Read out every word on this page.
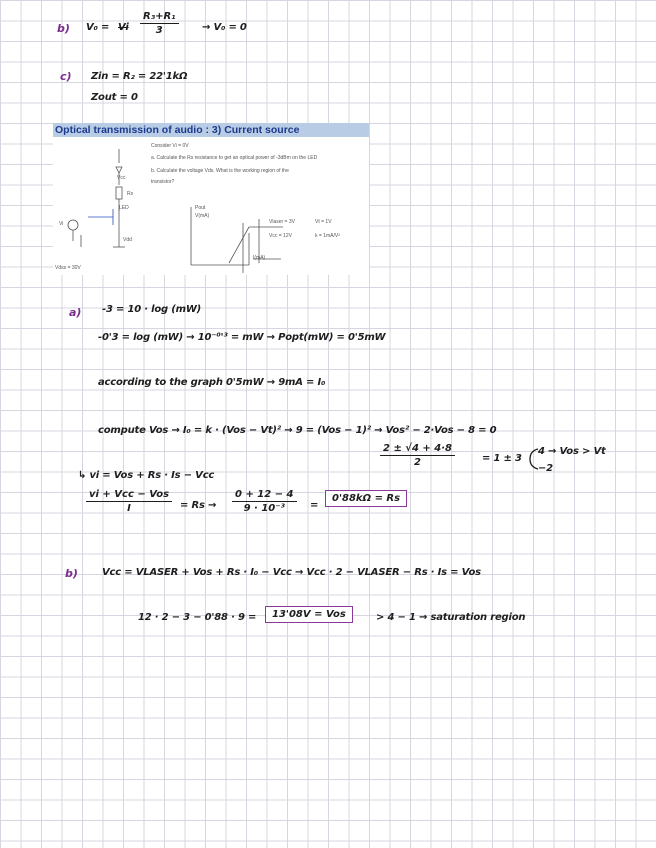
b) V₀ = Vi $\frac{\text{R₃+R₁}}{3} \to V_0 = 0$
c) Zin = R₂ = 22'1kΩ
Zout = 0
Optical transmission of audio : 3) Current source
Consider Vi = 0V
a. Calculate the Rs resistance to get an optical power of -3dBm on the LED
b. Calculate the voltage Vds. What is the working region of the
transistor?
Vcc
Rs
LED
Vi
Vdd
Pout
V(mA)
I(mA)
Vlaser = 3V
Vcc = 12V
Vt = 1V
k = 1mA/V²
Vdss = 30V
a) -3 = 10 · log (mW)
-0'3 = log (mW) → 10⁻⁰'³ = mW → Popt(mW) = 0'5mW
according to the graph 0'5mW → 9mA = I₀
compute Vos → I₀ = k · (Vos − Vt)² → 9 = (Vos − 1)² → Vos² − 2·Vos − 8 = 0
$\frac{2 \pm √4 + 4\cdot 8}{2}$	= 1 ± 3
4 → Vos > Vt
−2
↳ vi = Vos + Rs · Is − Vcc
vi + Vcc − Vos
I	= $Rs \to \frac{0 + 12 - 4}{\text{9 · 10⁻³}}$ =
0'88kΩ = Rs
b) Vcc = VLASER + Vos + Rs · I₀ − Vcc → Vcc · 2 − VLASER − Rs · Is = Vos
12 · 2 − 3 − 0'88 · 9 =	13'08V = Vos	> 4 − 1 → saturation region
